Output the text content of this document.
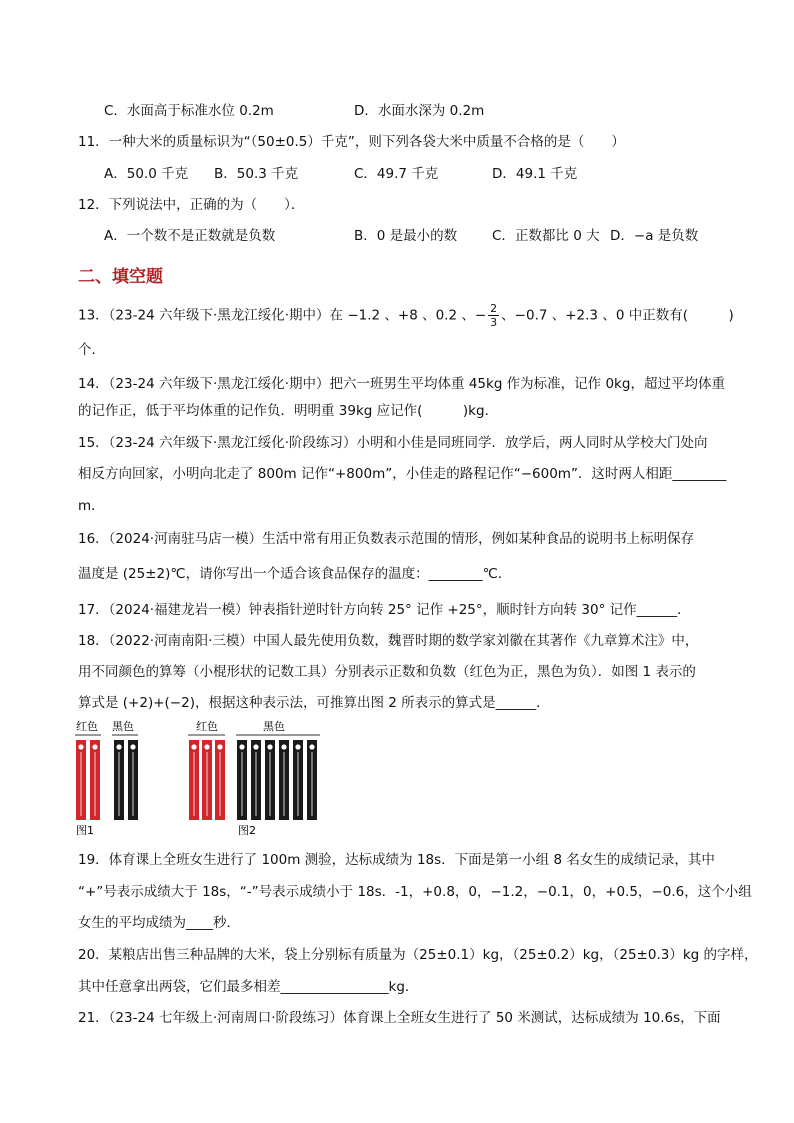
C．水面高于标准水位 0.2m	D．水面水深为 0.2m
11．一种大米的质量标识为“（50±0.5）千克”，则下列各袋大米中质量不合格的是（　　）
A．50.0 千克 B．50.3 千克	C．49.7 千克	D．49.1 千克
12．下列说法中，正确的为（　　）．
A．一个数不是正数就是负数	B．0 是最小的数	C．正数都比 0 大 D．−a 是负数
二、填空题
13．（23-24 六年级下·黑龙江绥化·期中）在 −1.2 、+8 、0.2 、− $\frac{2}{3}$ 、−0.7 、+2.3 、0 中正数有(　　　)
个．
14．（23-24 六年级下·黑龙江绥化·期中）把六一班男生平均体重 45kg 作为标准，记作 0kg，超过平均体重
的记作正，低于平均体重的记作负．明明重 39kg 应记作(　　　)kg．
15．（23-24 六年级下·黑龙江绥化·阶段练习）小明和小佳是同班同学．放学后，两人同时从学校大门处向
相反方向回家，小明向北走了 800m 记作“+800m”，小佳走的路程记作“−600m”．这时两人相距________
m．
16．（2024·河南驻马店一模）生活中常有用正负数表示范围的情形，例如某种食品的说明书上标明保存
温度是 (25±2)℃，请你写出一个适合该食品保存的温度：________℃．
17．（2024·福建龙岩一模）钟表指针逆时针方向转 25° 记作 +25°，顺时针方向转 30° 记作______．
18．（2022·河南南阳·三模）中国人最先使用负数，魏晋时期的数学家刘徽在其著作《九章算术注》中，
用不同颜色的算筹（小棍形状的记数工具）分别表示正数和负数（红色为正，黑色为负）．如图 1 表示的
算式是 (+2)+(−2)，根据这种表示法，可推算出图 2 所表示的算式是______．
红色 黑色	红色	黑色
图1	图2
19．体育课上全班女生进行了 100m 测验，达标成绩为 18s．下面是第一小组 8 名女生的成绩记录，其中
“+”号表示成绩大于 18s，“-”号表示成绩小于 18s．-1，+0.8，0，−1.2，−0.1，0，+0.5，−0.6，这个小组
女生的平均成绩为____秒．
20．某粮店出售三种品牌的大米，袋上分别标有质量为（25±0.1）kg，（25±0.2）kg，（25±0.3）kg 的字样，
其中任意拿出两袋，它们最多相差________________kg．
21．（23-24 七年级上·河南周口·阶段练习）体育课上全班女生进行了 50 米测试，达标成绩为 10.6s，下面
